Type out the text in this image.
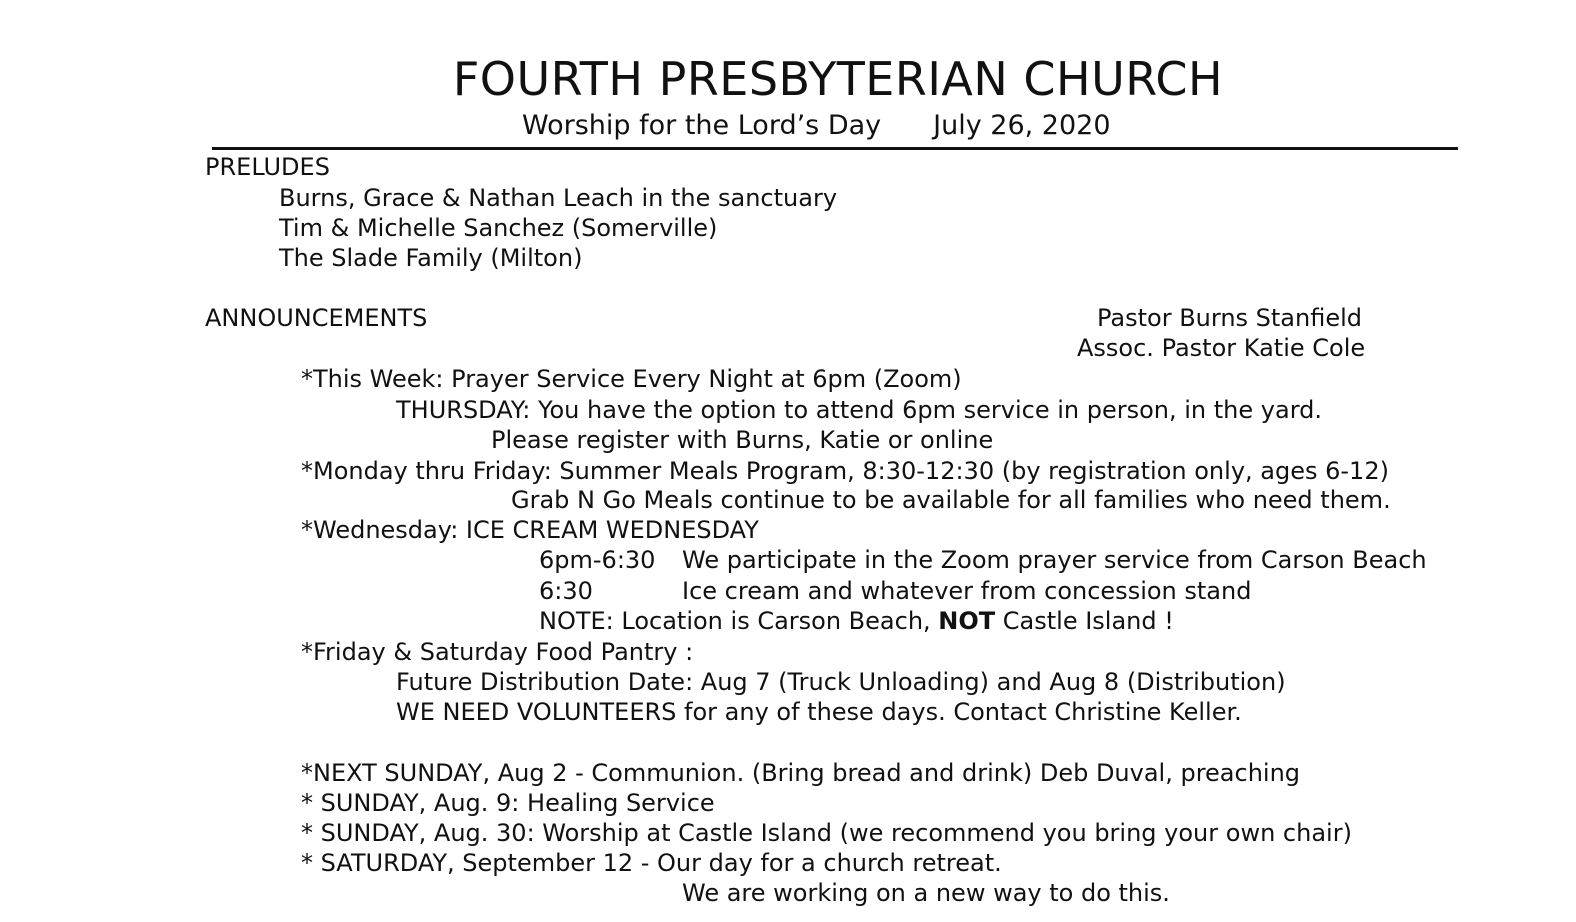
FOURTH PRESBYTERIAN CHURCH
Worship for the Lord’s Day July 26, 2020
PRELUDES
Burns, Grace & Nathan Leach in the sanctuary
Tim & Michelle Sanchez (Somerville)
The Slade Family (Milton)
ANNOUNCEMENTS	Pastor Burns Stanfield
Assoc. Pastor Katie Cole
*This Week: Prayer Service Every Night at 6pm (Zoom)
THURSDAY: You have the option to attend 6pm service in person, in the yard.
Please register with Burns, Katie or online
*Monday thru Friday: Summer Meals Program, 8:30-12:30 (by registration only, ages 6-12)
Grab N Go Meals continue to be available for all families who need them.
*Wednesday: ICE CREAM WEDNESDAY
6pm-6:30 We participate in the Zoom prayer service from Carson Beach
6:30	Ice cream and whatever from concession stand
NOTE: Location is Carson Beach, NOT Castle Island !
*Friday & Saturday Food Pantry :
Future Distribution Date: Aug 7 (Truck Unloading) and Aug 8 (Distribution)
WE NEED VOLUNTEERS for any of these days. Contact Christine Keller.
*NEXT SUNDAY, Aug 2 - Communion. (Bring bread and drink) Deb Duval, preaching
* SUNDAY, Aug. 9: Healing Service
* SUNDAY, Aug. 30: Worship at Castle Island (we recommend you bring your own chair)
* SATURDAY, September 12 - Our day for a church retreat.
We are working on a new way to do this.
